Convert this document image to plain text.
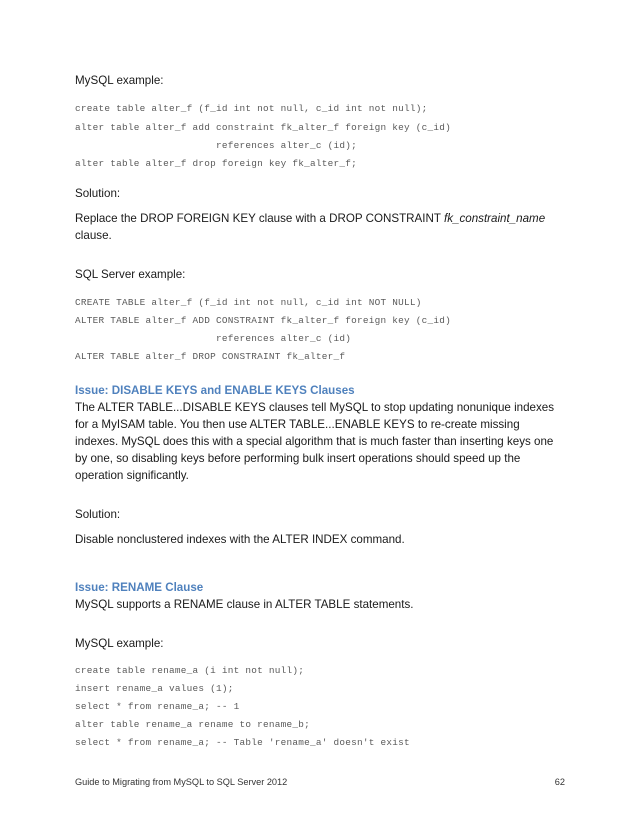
MySQL example:
create table alter_f (f_id int not null, c_id int not null);
alter table alter_f add constraint fk_alter_f foreign key (c_id)
references alter_c (id);
alter table alter_f drop foreign key fk_alter_f;
Solution:
Replace the DROP FOREIGN KEY clause with a DROP CONSTRAINT fk_constraint_name
clause.
SQL Server example:
CREATE TABLE alter_f (f_id int not null, c_id int NOT NULL)
ALTER TABLE alter_f ADD CONSTRAINT fk_alter_f foreign key (c_id)
references alter_c (id)
ALTER TABLE alter_f DROP CONSTRAINT fk_alter_f
Issue: DISABLE KEYS and ENABLE KEYS Clauses
The ALTER TABLE...DISABLE KEYS clauses tell MySQL to stop updating nonunique indexes
for a MyISAM table. You then use ALTER TABLE...ENABLE KEYS to re-create missing
indexes. MySQL does this with a special algorithm that is much faster than inserting keys one
by one, so disabling keys before performing bulk insert operations should speed up the
operation significantly.
Solution:
Disable nonclustered indexes with the ALTER INDEX command.
Issue: RENAME Clause
MySQL supports a RENAME clause in ALTER TABLE statements.
MySQL example:
create table rename_a (i int not null);
insert rename_a values (1);
select * from rename_a; -- 1
alter table rename_a rename to rename_b;
select * from rename_a; -- Table 'rename_a' doesn't exist
Guide to Migrating from MySQL to SQL Server 2012	62
